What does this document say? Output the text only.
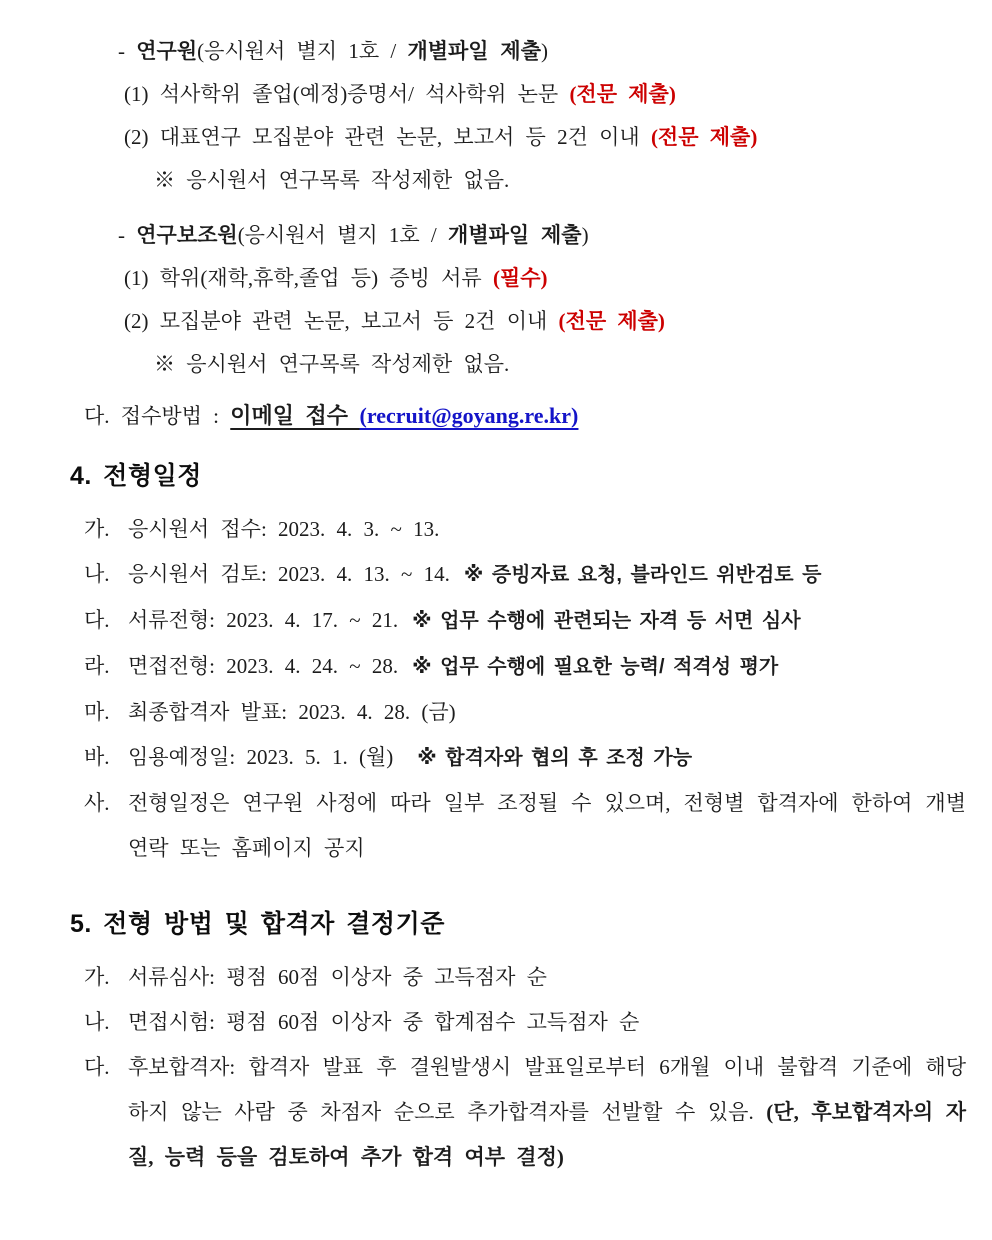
- 연구원(응시원서 별지 1호 / 개별파일 제출)

(1) 석사학위 졸업(예정)증명서/ 석사학위 논문 (전문 제출)

(2) 대표연구 모집분야 관련 논문, 보고서 등 2건 이내 (전문 제출)

※ 응시원서 연구목록 작성제한 없음.

- 연구보조원(응시원서 별지 1호 / 개별파일 제출)

(1) 학위(재학,휴학,졸업 등) 증빙 서류 (필수)

(2) 모집분야 관련 논문, 보고서 등 2건 이내 (전문 제출)

※ 응시원서 연구목록 작성제한 없음.

다. 접수방법 : 이메일 접수 (recruit@goyang.re.kr)

4. 전형일정
가. 응시원서 접수: 2023. 4. 3. ~ 13.
나. 응시원서 검토: 2023. 4. 13. ~ 14. ※ 증빙자료 요청, 블라인드 위반검토 등
다. 서류전형: 2023. 4. 17. ~ 21. ※ 업무 수행에 관련되는 자격 등 서면 심사
라. 면접전형: 2023. 4. 24. ~ 28. ※ 업무 수행에 필요한 능력/ 적격성 평가
마. 최종합격자 발표: 2023. 4. 28. (금)
바. 임용예정일: 2023. 5. 1. (월) ※ 합격자와 협의 후 조정 가능
사. 전형일정은 연구원 사정에 따라 일부 조정될 수 있으며, 전형별 합격자에 한하여 개별 연락 또는 홈페이지 공지
5. 전형 방법 및 합격자 결정기준
가. 서류심사: 평점 60점 이상자 중 고득점자 순
나. 면접시험: 평점 60점 이상자 중 합계점수 고득점자 순
다. 후보합격자: 합격자 발표 후 결원발생시 발표일로부터 6개월 이내 불합격 기준에 해당하지 않는 사람 중 차점자 순으로 추가합격자를 선발할 수 있음. (단, 후보합격자의 자질, 능력 등을 검토하여 추가 합격 여부 결정)
